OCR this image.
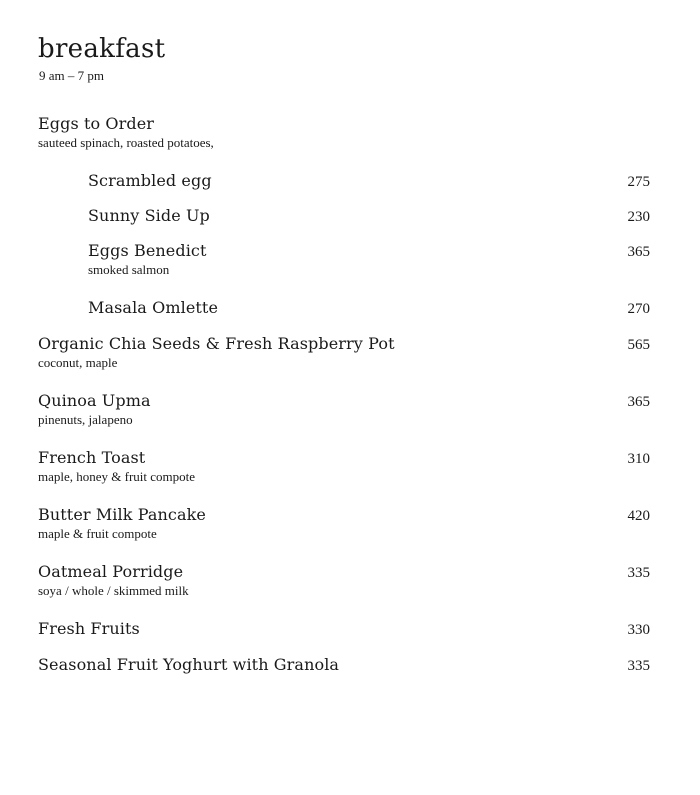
breakfast
9 am – 7 pm
Eggs to Order
sauteed spinach, roasted potatoes,
Scrambled egg	275
Sunny Side Up	230
Eggs Benedict	365
smoked salmon
Masala Omlette	270
Organic Chia Seeds & Fresh Raspberry Pot	565
coconut, maple
Quinoa Upma	365
pinenuts, jalapeno
French Toast	310
maple, honey & fruit compote
Butter Milk Pancake	420
maple & fruit compote
Oatmeal Porridge	335
soya / whole / skimmed milk
Fresh Fruits	330
Seasonal Fruit Yoghurt with Granola	335
